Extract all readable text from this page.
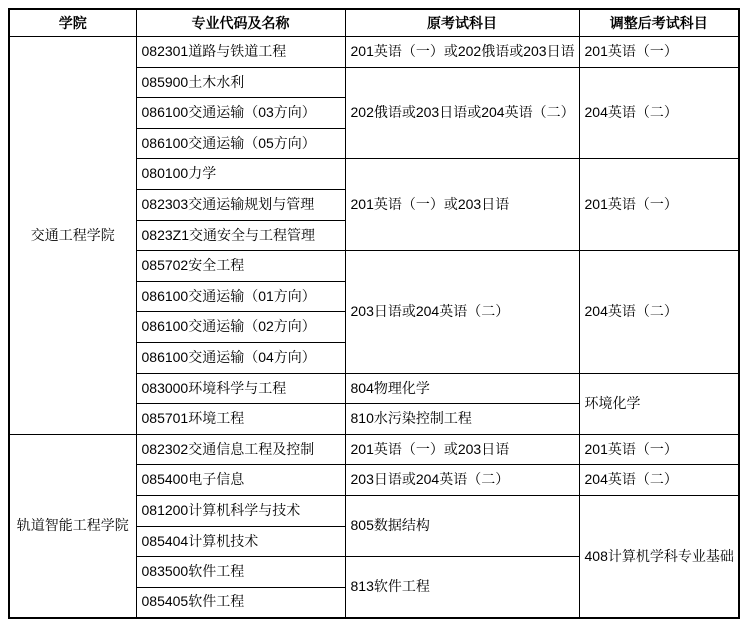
学院	专业代码及名称	原考试科目	调整后考试科目
交通工程学院	082301道路与铁道工程	201英语（一）或202俄语或203日语	201英语（一）
	085900土木水利	202俄语或203日语或204英语（二）	204英语（二）
	086100交通运输（03方向）		
	086100交通运输（05方向）		
	080100力学	201英语（一）或203日语	201英语（一）
	082303交通运输规划与管理		
	0823Z1交通安全与工程管理		
	085702安全工程	203日语或204英语（二）	204英语（二）
	086100交通运输（01方向）		
	086100交通运输（02方向）		
	086100交通运输（04方向）		
	083000环境科学与工程	804物理化学	环境化学
	085701环境工程	810水污染控制工程	
轨道智能工程学院	082302交通信息工程及控制	201英语（一）或203日语	201英语（一）
	085400电子信息	203日语或204英语（二）	204英语（二）
	081200计算机科学与技术	805数据结构	408计算机学科专业基础
	085404计算机技术		
	083500软件工程	813软件工程	
	085405软件工程		
